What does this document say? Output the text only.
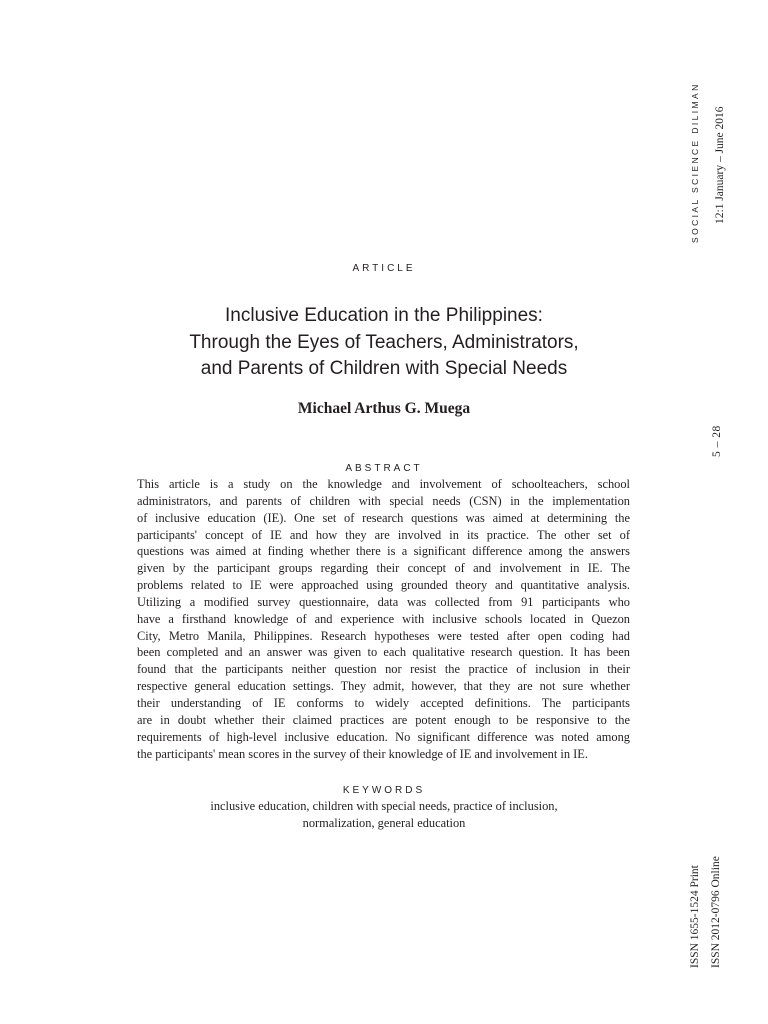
SOCIAL SCIENCE DILIMAN 12:1 January – June 2016
5 – 28
ISSN 1655-1524 Print ISSN 2012-0796 Online
ARTICLE
Inclusive Education in the Philippines:
Through the Eyes of Teachers, Administrators,
and Parents of Children with Special Needs
Michael Arthus G. Muega
ABSTRACT
This article is a study on the knowledge and involvement of schoolteachers, school
administrators, and parents of children with special needs (CSN) in the implementation
of inclusive education (IE). One set of research questions was aimed at determining the
participants' concept of IE and how they are involved in its practice. The other set of
questions was aimed at finding whether there is a significant difference among the answers
given by the participant groups regarding their concept of and involvement in IE. The
problems related to IE were approached using grounded theory and quantitative analysis.
Utilizing a modified survey questionnaire, data was collected from 91 participants who
have a firsthand knowledge of and experience with inclusive schools located in Quezon
City, Metro Manila, Philippines. Research hypotheses were tested after open coding had
been completed and an answer was given to each qualitative research question. It has been
found that the participants neither question nor resist the practice of inclusion in their
respective general education settings. They admit, however, that they are not sure whether
their understanding of IE conforms to widely accepted definitions. The participants
are in doubt whether their claimed practices are potent enough to be responsive to the
requirements of high-level inclusive education. No significant difference was noted among
the participants' mean scores in the survey of their knowledge of IE and involvement in IE.
KEYWORDS
inclusive education, children with special needs, practice of inclusion,
normalization, general education
